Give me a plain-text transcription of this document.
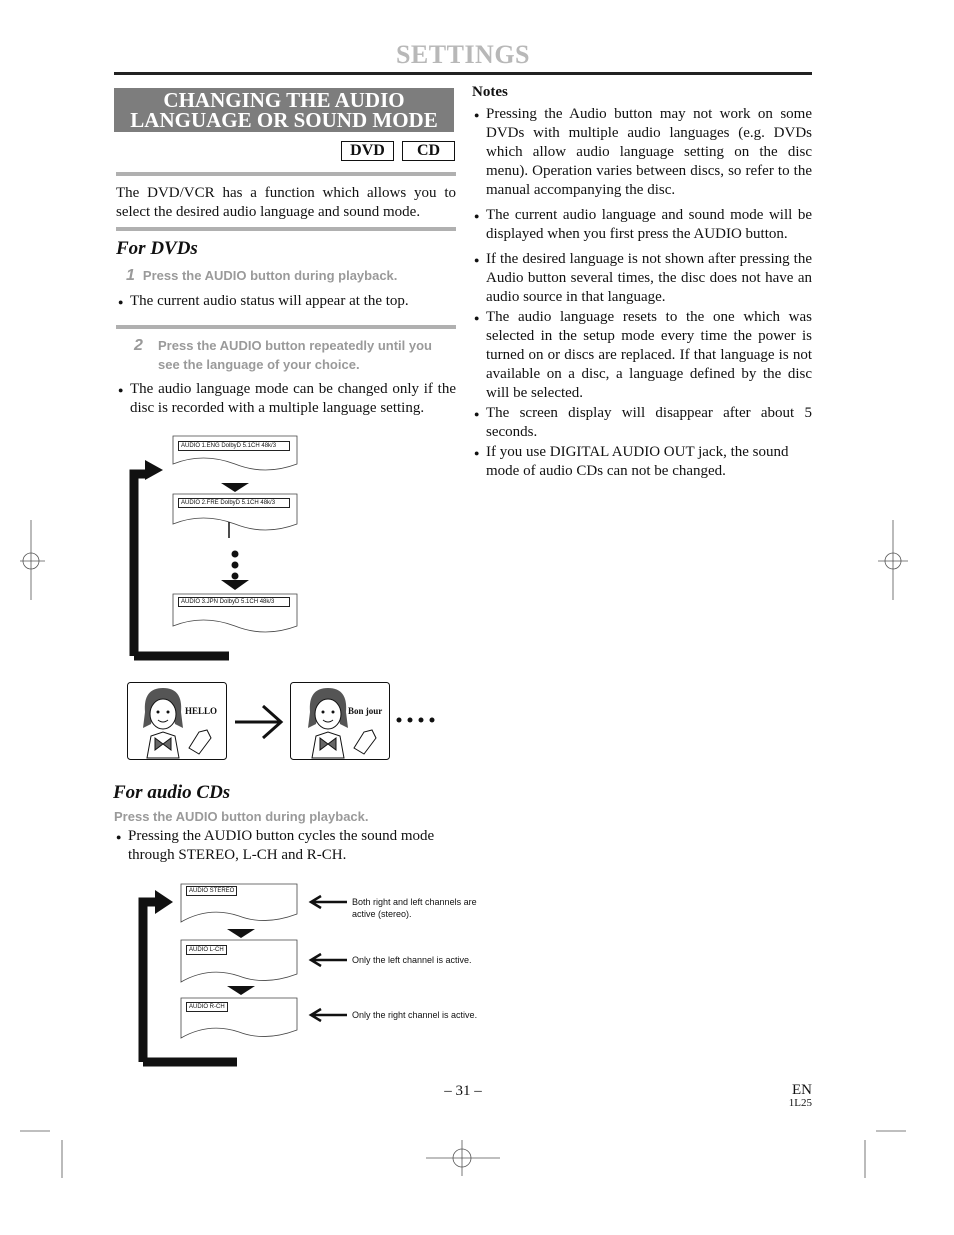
SETTINGS
CHANGING THE AUDIO
LANGUAGE OR SOUND MODE
DVD	CD
The DVD/VCR has a function which allows you to select the desired audio language and sound mode.
For DVDs
1 Press the AUDIO button during playback.
● The current audio status will appear at the top.
2	Press the AUDIO button repeatedly until you see the language of your choice.
● The audio language mode can be changed only if the disc is recorded with a multiple language setting.
AUDIO 1.ENG DolbyD 5.1CH 48k/3
AUDIO 2.FRE DolbyD 5.1CH 48k/3
AUDIO 3.JPN DolbyD 5.1CH 48k/3
HELLO	Bon jour
For audio CDs
Press the AUDIO button during playback.
● Pressing the AUDIO button cycles the sound mode through STEREO, L-CH and R-CH.
AUDIO STEREO
AUDIO L-CH
AUDIO R-CH
Both right and left channels are active (stereo).
Only the left channel is active.
Only the right channel is active.
Notes
● Pressing the Audio button may not work on some DVDs with multiple audio languages (e.g. DVDs which allow audio language setting on the disc menu). Operation varies between discs, so refer to the manual accompanying the disc.
● The current audio language and sound mode will be displayed when you first press the AUDIO button.
● If the desired language is not shown after pressing the Audio button several times, the disc does not have an audio source in that language.
● The audio language resets to the one which was selected in the setup mode every time the power is turned on or discs are replaced. If that language is not available on a disc, a language defined by the disc will be selected.
● The screen display will disappear after about 5 seconds.
● If you use DIGITAL AUDIO OUT jack, the sound mode of audio CDs can not be changed.
– 31 –	EN
1L25
